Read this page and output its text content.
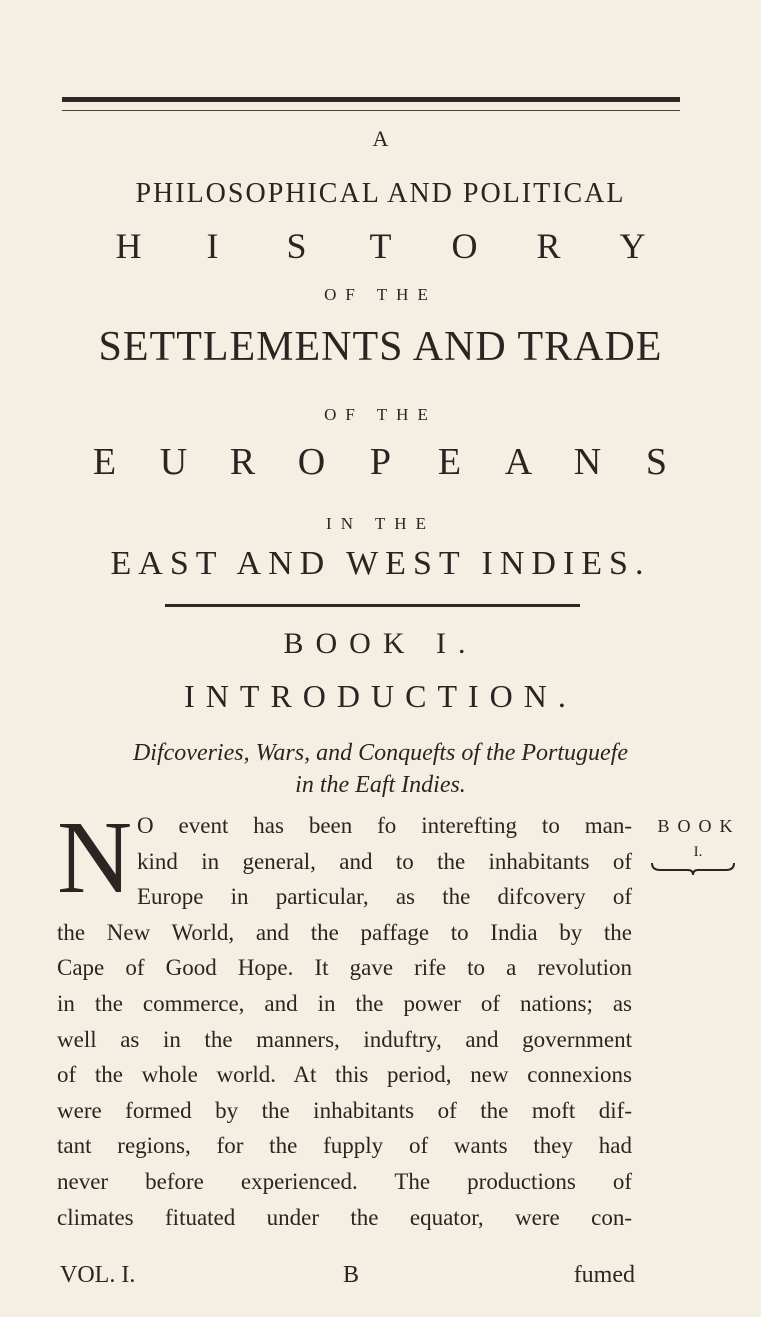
A
PHILOSOPHICAL AND POLITICAL
H I S T O R Y
OF THE
SETTLEMENTS AND TRADE
OF THE
E U R O P E A N S
IN THE
EAST AND WEST INDIES.
BOOK I.
INTRODUCTION.
Difcoveries, Wars, and Conquefts of the Portuguefe
in the Eaft Indies.
N O event has been fo interefting to man-
kind in general, and to the inhabitants of
Europe in particular, as the difcovery of
the New World, and the paffage to India by the
Cape of Good Hope. It gave rife to a revolution
in the commerce, and in the power of nations; as
well as in the manners, induftry, and government
of the whole world. At this period, new connexions
were formed by the inhabitants of the moft dif-
tant regions, for the fupply of wants they had
never before experienced. The productions of
climates fituated under the equator, were con-
BOOK
I.
VOL. I.	B	fumed
